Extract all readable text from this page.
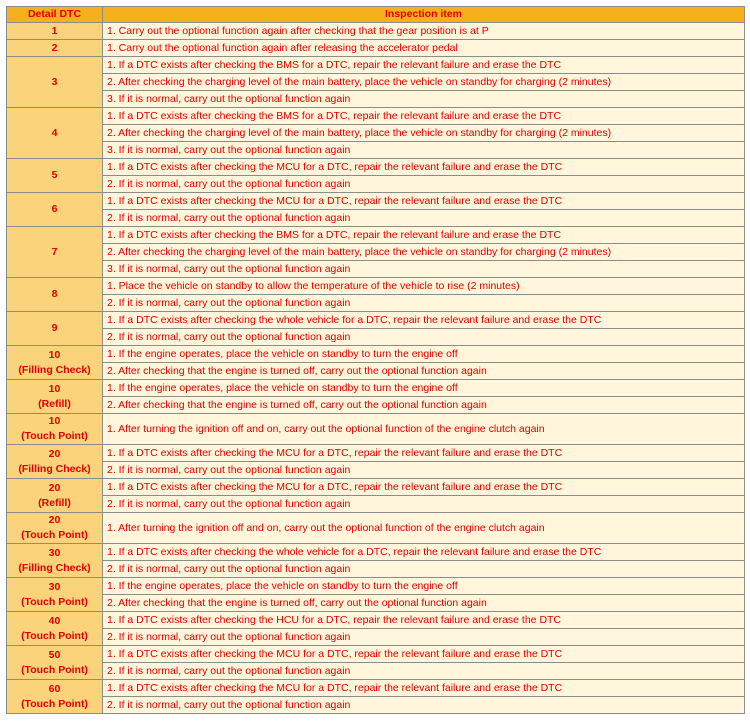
Detail DTC	Inspection item

1	1. Carry out the optional function again after checking that the gear position is at P

2	1. Carry out the optional function again after releasing the accelerator pedal

3	1. If a DTC exists after checking the BMS for a DTC, repair the relevant failure and erase the DTC
	2. After checking the charging level of the main battery, place the vehicle on standby for charging (2 minutes)
	3. If it is normal, carry out the optional function again

4	1. If a DTC exists after checking the BMS for a DTC, repair the relevant failure and erase the DTC
	2. After checking the charging level of the main battery, place the vehicle on standby for charging (2 minutes)
	3. If it is normal, carry out the optional function again

5	1. If a DTC exists after checking the MCU for a DTC, repair the relevant failure and erase the DTC
	2. If it is normal, carry out the optional function again

6	1. If a DTC exists after checking the MCU for a DTC, repair the relevant failure and erase the DTC
	2. If it is normal, carry out the optional function again

7	1. If a DTC exists after checking the BMS for a DTC, repair the relevant failure and erase the DTC
	2. After checking the charging level of the main battery, place the vehicle on standby for charging (2 minutes)
	3. If it is normal, carry out the optional function again

8	1. Place the vehicle on standby to allow the temperature of the vehicle to rise (2 minutes)
	2. If it is normal, carry out the optional function again

9	1. If a DTC exists after checking the whole vehicle for a DTC, repair the relevant failure and erase the DTC
	2. If it is normal, carry out the optional function again

10
(Filling Check)	1. If the engine operates, place the vehicle on standby to turn the engine off
	2. After checking that the engine is turned off, carry out the optional function again

10
(Refill)	1. If the engine operates, place the vehicle on standby to turn the engine off
	2. After checking that the engine is turned off, carry out the optional function again

10
(Touch Point)	1. After turning the ignition off and on, carry out the optional function of the engine clutch again

20
(Filling Check)	1. If a DTC exists after checking the MCU for a DTC, repair the relevant failure and erase the DTC
	2. If it is normal, carry out the optional function again

20
(Refill)	1. If a DTC exists after checking the MCU for a DTC, repair the relevant failure and erase the DTC
	2. If it is normal, carry out the optional function again

20
(Touch Point)	1. After turning the ignition off and on, carry out the optional function of the engine clutch again

30
(Filling Check)	1. If a DTC exists after checking the whole vehicle for a DTC, repair the relevant failure and erase the DTC
	2. If it is normal, carry out the optional function again

30
(Touch Point)	1. If the engine operates, place the vehicle on standby to turn the engine off
	2. After checking that the engine is turned off, carry out the optional function again

40
(Touch Point)	1. If a DTC exists after checking the HCU for a DTC, repair the relevant failure and erase the DTC
	2. If it is normal, carry out the optional function again

50
(Touch Point)	1. If a DTC exists after checking the MCU for a DTC, repair the relevant failure and erase the DTC
	2. If it is normal, carry out the optional function again

60
(Touch Point)	1. If a DTC exists after checking the MCU for a DTC, repair the relevant failure and erase the DTC
	2. If it is normal, carry out the optional function again
